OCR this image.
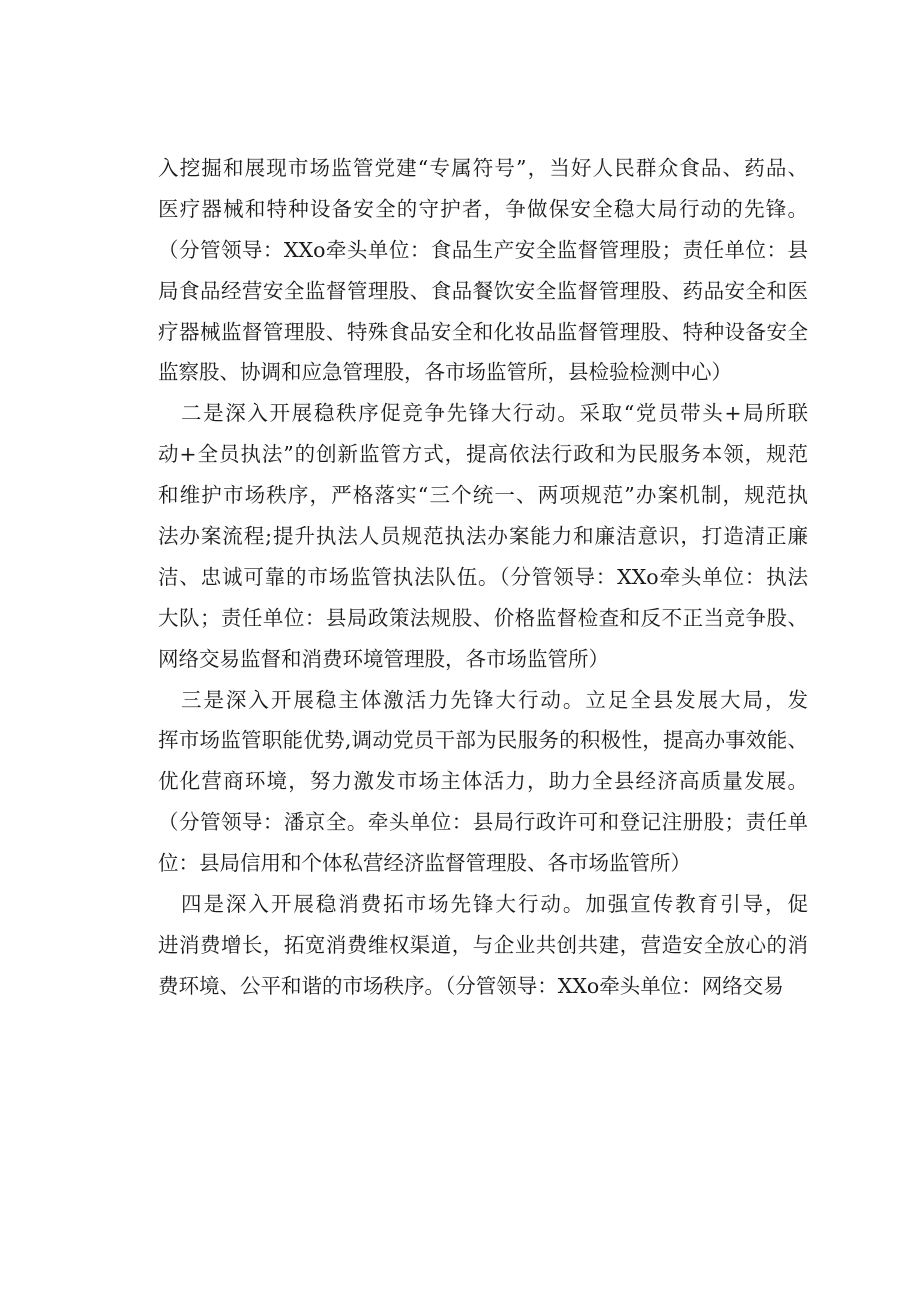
入挖掘和展现市场监管党建“专属符号”，当好人民群众食品、药品、
医疗器械和特种设备安全的守护者，争做保安全稳大局行动的先锋。
（分管领导：XXo牵头单位：食品生产安全监督管理股；责任单位：县
局食品经营安全监督管理股、食品餐饮安全监督管理股、药品安全和医
疗器械监督管理股、特殊食品安全和化妆品监督管理股、特种设备安全
监察股、协调和应急管理股，各市场监管所，县检验检测中心）
二是深入开展稳秩序促竞争先锋大行动。采取“党员带头+局所联
动+全员执法”的创新监管方式，提高依法行政和为民服务本领，规范
和维护市场秩序，严格落实“三个统一、两项规范”办案机制，规范执
法办案流程;提升执法人员规范执法办案能力和廉洁意识，打造清正廉
洁、忠诚可靠的市场监管执法队伍。（分管领导：XXo牵头单位：执法
大队；责任单位：县局政策法规股、价格监督检查和反不正当竞争股、
网络交易监督和消费环境管理股，各市场监管所）
三是深入开展稳主体激活力先锋大行动。立足全县发展大局，发
挥市场监管职能优势,调动党员干部为民服务的积极性，提高办事效能、
优化营商环境，努力激发市场主体活力，助力全县经济高质量发展。
（分管领导：潘京全。牵头单位：县局行政许可和登记注册股；责任单
位：县局信用和个体私营经济监督管理股、各市场监管所）
四是深入开展稳消费拓市场先锋大行动。加强宣传教育引导，促
进消费增长，拓宽消费维权渠道，与企业共创共建，营造安全放心的消
费环境、公平和谐的市场秩序。（分管领导：XXo牵头单位：网络交易
